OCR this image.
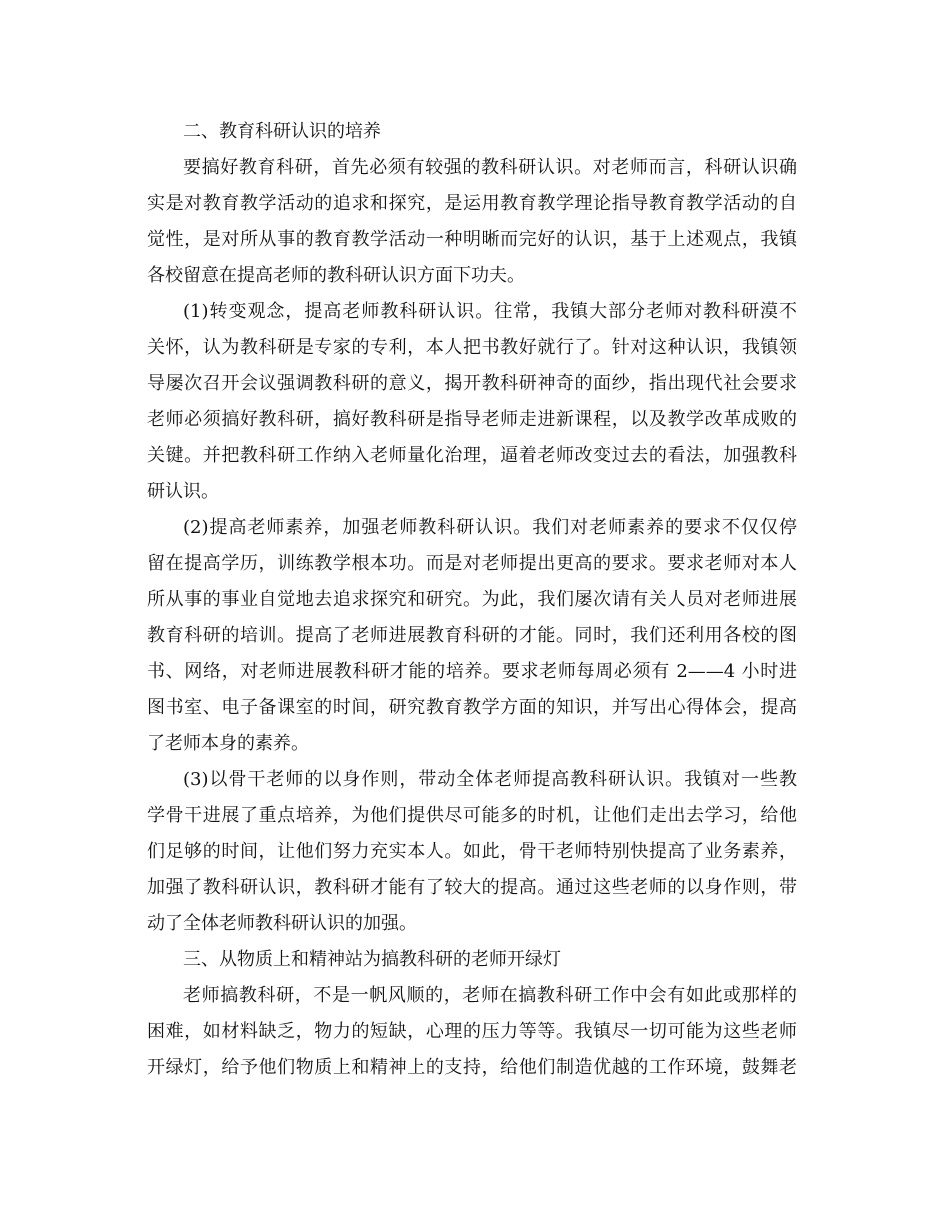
二、教育科研认识的培养
要搞好教育科研，首先必须有较强的教科研认识。对老师而言，科研认识确
实是对教育教学活动的追求和探究，是运用教育教学理论指导教育教学活动的自
觉性，是对所从事的教育教学活动一种明晰而完好的认识，基于上述观点，我镇
各校留意在提高老师的教科研认识方面下功夫。
(1)转变观念，提高老师教科研认识。往常，我镇大部分老师对教科研漠不
关怀，认为教科研是专家的专利，本人把书教好就行了。针对这种认识，我镇领
导屡次召开会议强调教科研的意义，揭开教科研神奇的面纱，指出现代社会要求
老师必须搞好教科研，搞好教科研是指导老师走进新课程，以及教学改革成败的
关键。并把教科研工作纳入老师量化治理，逼着老师改变过去的看法，加强教科
研认识。
(2)提高老师素养，加强老师教科研认识。我们对老师素养的要求不仅仅停
留在提高学历，训练教学根本功。而是对老师提出更高的要求。要求老师对本人
所从事的事业自觉地去追求探究和研究。为此，我们屡次请有关人员对老师进展
教育科研的培训。提高了老师进展教育科研的才能。同时，我们还利用各校的图
书、网络，对老师进展教科研才能的培养。要求老师每周必须有 2——4 小时进
图书室、电子备课室的时间，研究教育教学方面的知识，并写出心得体会，提高
了老师本身的素养。
(3)以骨干老师的以身作则，带动全体老师提高教科研认识。我镇对一些教
学骨干进展了重点培养，为他们提供尽可能多的时机，让他们走出去学习，给他
们足够的时间，让他们努力充实本人。如此，骨干老师特别快提高了业务素养，
加强了教科研认识，教科研才能有了较大的提高。通过这些老师的以身作则，带
动了全体老师教科研认识的加强。
三、从物质上和精神站为搞教科研的老师开绿灯
老师搞教科研，不是一帆风顺的，老师在搞教科研工作中会有如此或那样的
困难，如材料缺乏，物力的短缺，心理的压力等等。我镇尽一切可能为这些老师
开绿灯，给予他们物质上和精神上的支持，给他们制造优越的工作环境，鼓舞老
